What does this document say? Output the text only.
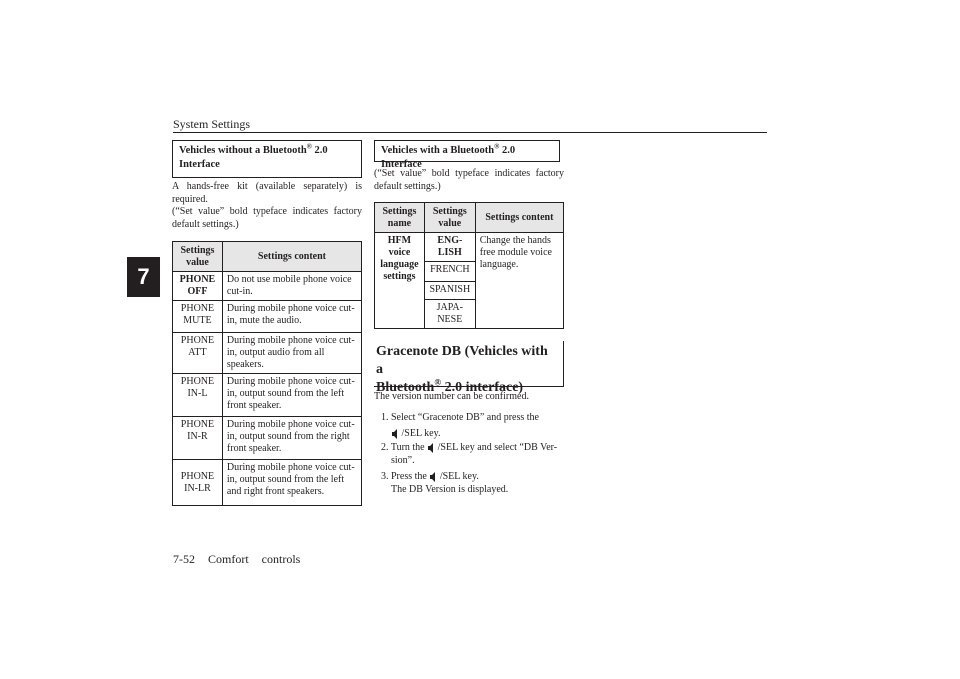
System Settings
7
Vehicles without a Bluetooth® 2.0 Interface
A hands-free kit (available separately) is required.
(“Set value” bold typeface indicates factory default settings.)
Settings value	Settings content
PHONE OFF	Do not use mobile phone voice cut-in.
PHONE MUTE	During mobile phone voice cut-in, mute the audio.
PHONE ATT	During mobile phone voice cut-in, output audio from all speakers.
PHONE IN-L	During mobile phone voice cut-in, output sound from the left front speaker.
PHONE IN-R	During mobile phone voice cut-in, output sound from the right front speaker.
PHONE IN-LR	During mobile phone voice cut-in, output sound from the left and right front speakers.
Vehicles with a Bluetooth® 2.0 Interface
(“Set value” bold typeface indicates factory default settings.)
Settings name	Settings value	Settings content
HFM voice language settings	ENG-LISH	Change the hands free module voice language.
	FRENCH	
	SPANISH	
	JAPA-NESE	
Gracenote DB (Vehicles with a
Bluetooth® 2.0 interface)
The version number can be confirmed.
1. Select “Gracenote DB” and press the
/SEL key.
2. Turn the /SEL key and select “DB Ver-
sion”.
3. Press the /SEL key.
The DB Version is displayed.
7-52 Comfort controls
